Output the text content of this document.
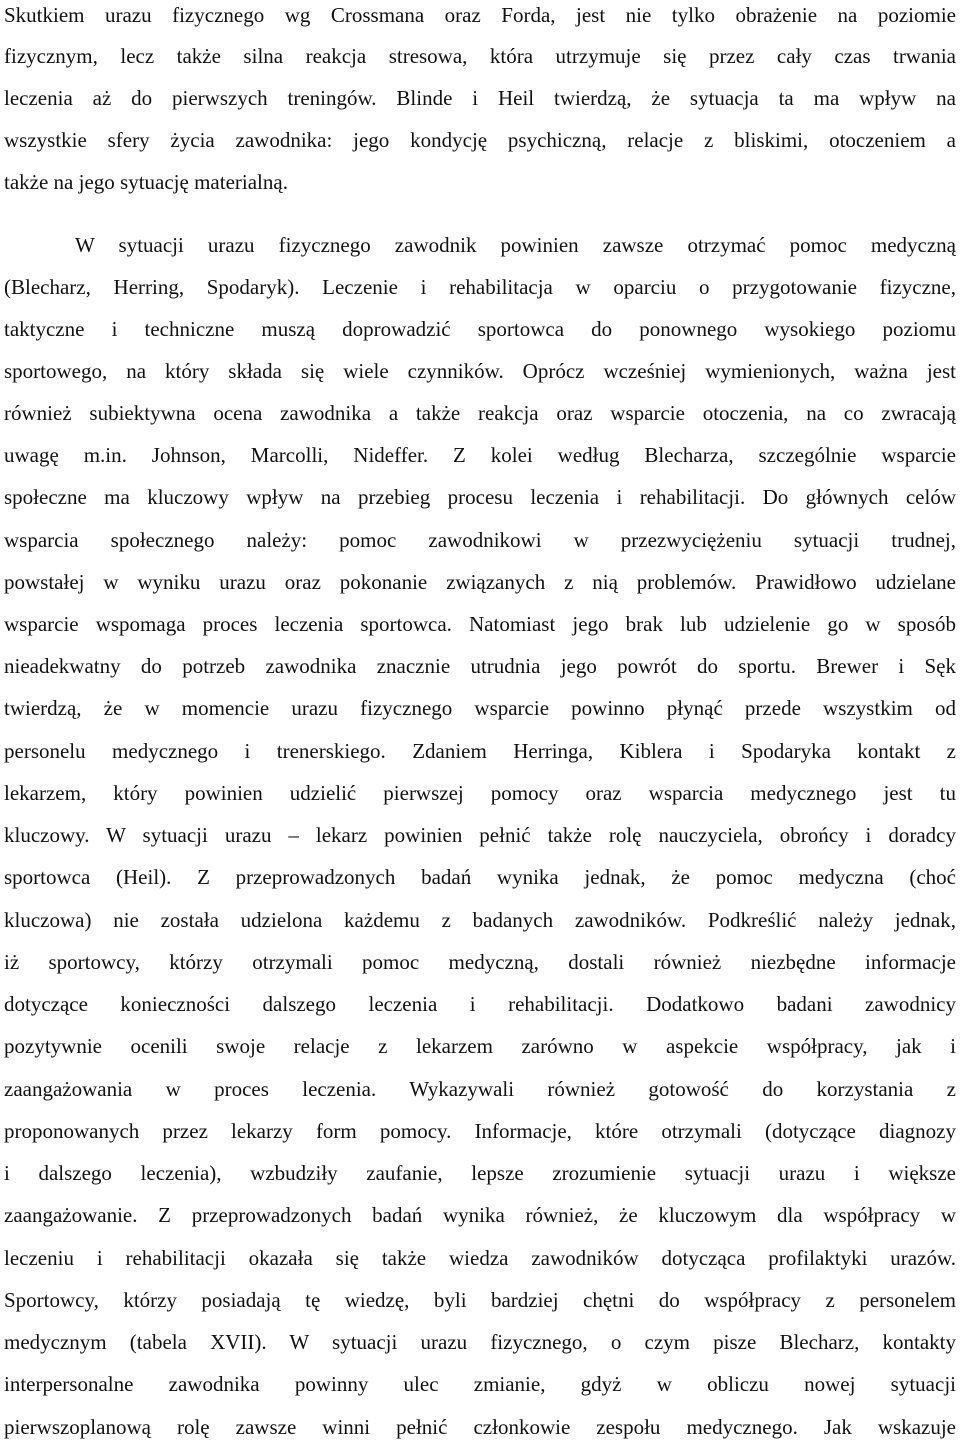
Skutkiem urazu fizycznego wg Crossmana oraz Forda, jest nie tylko obrażenie na poziomie
fizycznym, lecz także silna reakcja stresowa, która utrzymuje się przez cały czas trwania
leczenia aż do pierwszych treningów. Blinde i Heil twierdzą, że sytuacja ta ma wpływ na
wszystkie sfery życia zawodnika: jego kondycję psychiczną, relacje z bliskimi, otoczeniem a
także na jego sytuację materialną.
W sytuacji urazu fizycznego zawodnik powinien zawsze otrzymać pomoc medyczną
(Blecharz, Herring, Spodaryk). Leczenie i rehabilitacja w oparciu o przygotowanie fizyczne,
taktyczne i techniczne muszą doprowadzić sportowca do ponownego wysokiego poziomu
sportowego, na który składa się wiele czynników. Oprócz wcześniej wymienionych, ważna jest
również subiektywna ocena zawodnika a także reakcja oraz wsparcie otoczenia, na co zwracają
uwagę m.in. Johnson, Marcolli, Nideffer. Z kolei według Blecharza, szczególnie wsparcie
społeczne ma kluczowy wpływ na przebieg procesu leczenia i rehabilitacji. Do głównych celów
wsparcia społecznego należy: pomoc zawodnikowi w przezwyciężeniu sytuacji trudnej,
powstałej w wyniku urazu oraz pokonanie związanych z nią problemów. Prawidłowo udzielane
wsparcie wspomaga proces leczenia sportowca. Natomiast jego brak lub udzielenie go w sposób
nieadekwatny do potrzeb zawodnika znacznie utrudnia jego powrót do sportu. Brewer i Sęk
twierdzą, że w momencie urazu fizycznego wsparcie powinno płynąć przede wszystkim od
personelu medycznego i trenerskiego. Zdaniem Herringa, Kiblera i Spodaryka kontakt z
lekarzem, który powinien udzielić pierwszej pomocy oraz wsparcia medycznego jest tu
kluczowy. W sytuacji urazu – lekarz powinien pełnić także rolę nauczyciela, obrońcy i doradcy
sportowca (Heil). Z przeprowadzonych badań wynika jednak, że pomoc medyczna (choć
kluczowa) nie została udzielona każdemu z badanych zawodników. Podkreślić należy jednak,
iż sportowcy, którzy otrzymali pomoc medyczną, dostali również niezbędne informacje
dotyczące konieczności dalszego leczenia i rehabilitacji. Dodatkowo badani zawodnicy
pozytywnie ocenili swoje relacje z lekarzem zarówno w aspekcie współpracy, jak i
zaangażowania w proces leczenia. Wykazywali również gotowość do korzystania z
proponowanych przez lekarzy form pomocy. Informacje, które otrzymali (dotyczące diagnozy
i dalszego leczenia), wzbudziły zaufanie, lepsze zrozumienie sytuacji urazu i większe
zaangażowanie. Z przeprowadzonych badań wynika również, że kluczowym dla współpracy w
leczeniu i rehabilitacji okazała się także wiedza zawodników dotycząca profilaktyki urazów.
Sportowcy, którzy posiadają tę wiedzę, byli bardziej chętni do współpracy z personelem
medycznym (tabela XVII). W sytuacji urazu fizycznego, o czym pisze Blecharz, kontakty
interpersonalne zawodnika powinny ulec zmianie, gdyż w obliczu nowej sytuacji
pierwszoplanową rolę zawsze winni pełnić członkowie zespołu medycznego. Jak wskazuje
